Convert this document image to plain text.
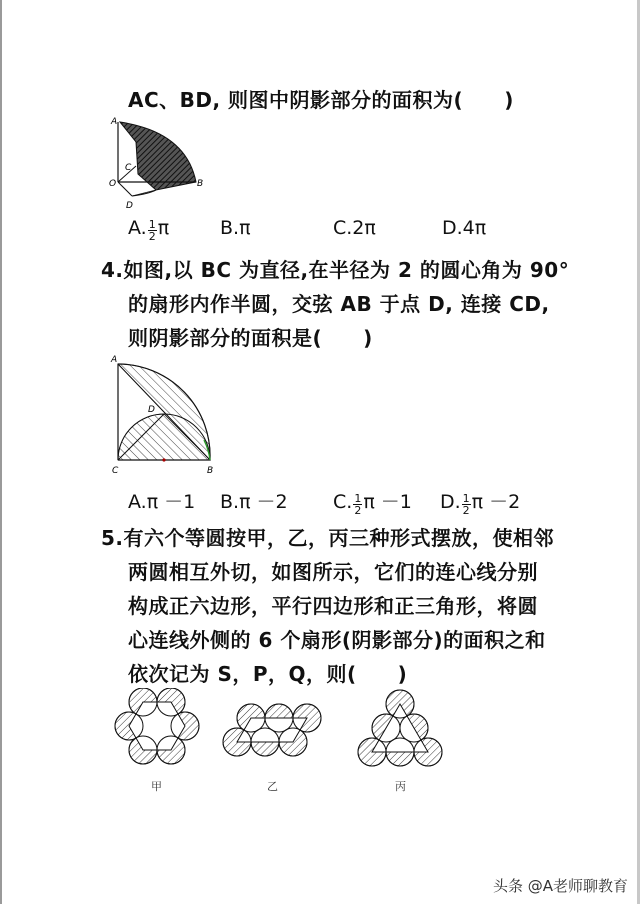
AC、BD, 则图中阴影部分的面积为(　　)
A
C
O	B
D
A. $\frac{1}{2}$ π	B.π	C.2π	D.4π
4.如图,以 BC 为直径,在半径为 2 的圆心角为 90°
的扇形内作半圆，交弦 AB 于点 D, 连接 CD,
则阴影部分的面积是(　　)
A
D
C	B
A.π －1 B.π －2 C. $\frac{1}{2}$ π －1 D. $\frac{1}{2}$ π －2
5.有六个等圆按甲，乙，丙三种形式摆放，使相邻
两圆相互外切，如图所示，它们的连心线分别
构成正六边形，平行四边形和正三角形，将圆
心连线外侧的 6 个扇形(阴影部分)的面积之和
依次记为 S，P，Q，则(　　)
甲	乙	丙
头条 @A老师聊教育
